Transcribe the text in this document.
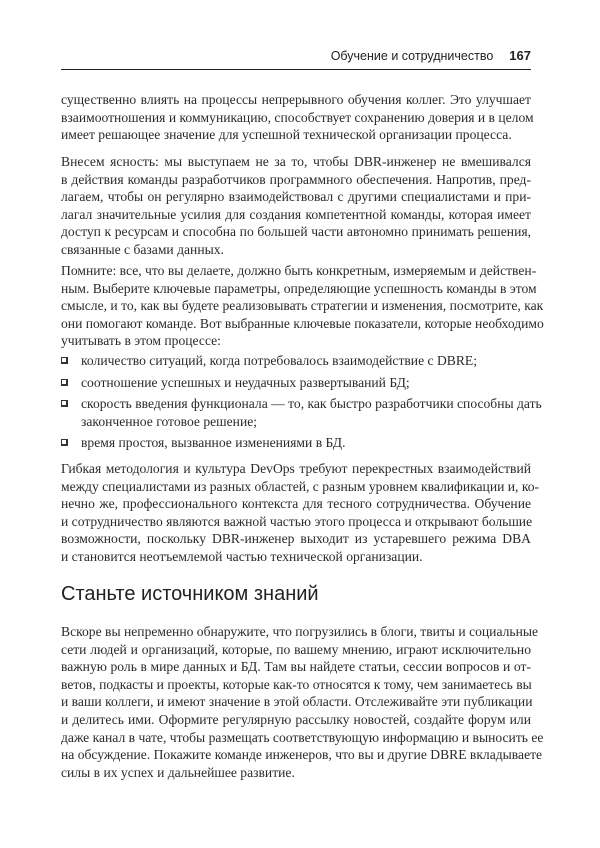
Обучение и сотрудничество 167
существенно влиять на процессы непрерывного обучения коллег. Это улучшает
взаимоотношения и коммуникацию, способствует сохранению доверия и в целом
имеет решающее значение для успешной технической организации процесса.
Внесем ясность: мы выступаем не за то, чтобы DBR-инженер не вмешивался
в действия команды разработчиков программного обеспечения. Напротив, пред-
лагаем, чтобы он регулярно взаимодействовал с другими специалистами и при-
лагал значительные усилия для создания компетентной команды, которая имеет
доступ к ресурсам и способна по большей части автономно принимать решения,
связанные с базами данных.
Помните: все, что вы делаете, должно быть конкретным, измеряемым и действен-
ным. Выберите ключевые параметры, определяющие успешность команды в этом
смысле, и то, как вы будете реализовывать стратегии и изменения, посмотрите, как
они помогают команде. Вот выбранные ключевые показатели, которые необходимо
учитывать в этом процессе:
количество ситуаций, когда потребовалось взаимодействие с DBRE;
соотношение успешных и неудачных развертываний БД;
скорость введения функционала — то, как быстро разработчики способны дать
законченное готовое решение;
время простоя, вызванное изменениями в БД.
Гибкая методология и культура DevOps требуют перекрестных взаимодействий
между специалистами из разных областей, с разным уровнем квалификации и, ко-
нечно же, профессионального контекста для тесного сотрудничества. Обучение
и сотрудничество являются важной частью этого процесса и открывают большие
возможности, поскольку DBR-инженер выходит из устаревшего режима DBA
и становится неотъемлемой частью технической организации.
Станьте источником знаний
Вскоре вы непременно обнаружите, что погрузились в блоги, твиты и социальные
сети людей и организаций, которые, по вашему мнению, играют исключительно
важную роль в мире данных и БД. Там вы найдете статьи, сессии вопросов и от-
ветов, подкасты и проекты, которые как-то относятся к тому, чем занимаетесь вы
и ваши коллеги, и имеют значение в этой области. Отслеживайте эти публикации
и делитесь ими. Оформите регулярную рассылку новостей, создайте форум или
даже канал в чате, чтобы размещать соответствующую информацию и выносить ее
на обсуждение. Покажите команде инженеров, что вы и другие DBRE вкладываете
силы в их успех и дальнейшее развитие.
